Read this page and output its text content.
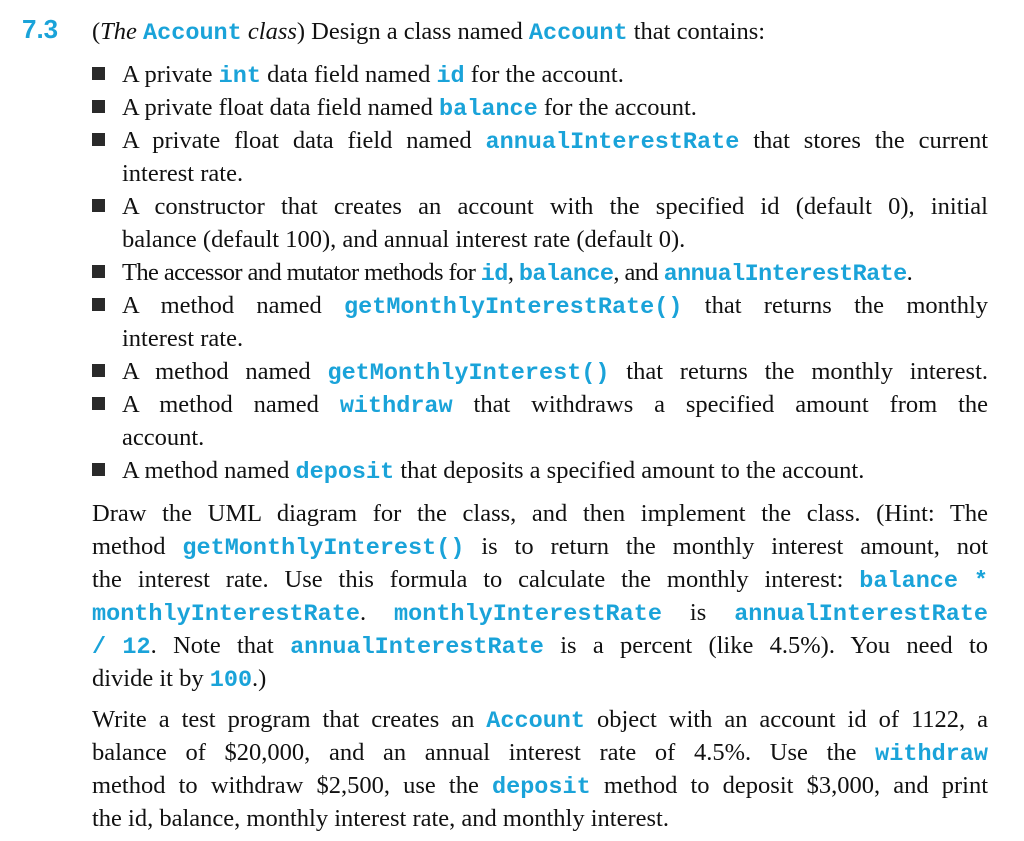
7.3 (The Account class) Design a class named Account that contains:
A private int data field named id for the account.
A private float data field named balance for the account.
A private float data field named annualInterestRate that stores the current
interest rate.
A constructor that creates an account with the specified id (default 0), initial
balance (default 100), and annual interest rate (default 0).
The accessor and mutator methods for id, balance, and annualInterestRate.
A method named getMonthlyInterestRate() that returns the monthly
interest rate.
A method named getMonthlyInterest() that returns the monthly interest.
A method named withdraw that withdraws a specified amount from the
account.
A method named deposit that deposits a specified amount to the account.
Draw the UML diagram for the class, and then implement the class. (Hint: The
method getMonthlyInterest() is to return the monthly interest amount, not
the interest rate. Use this formula to calculate the monthly interest: balance *
monthlyInterestRate. monthlyInterestRate is annualInterestRate
/ 12. Note that annualInterestRate is a percent (like 4.5%). You need to
divide it by 100.)
Write a test program that creates an Account object with an account id of 1122, a
balance of $20,000, and an annual interest rate of 4.5%. Use the withdraw
method to withdraw $2,500, use the deposit method to deposit $3,000, and print
the id, balance, monthly interest rate, and monthly interest.
